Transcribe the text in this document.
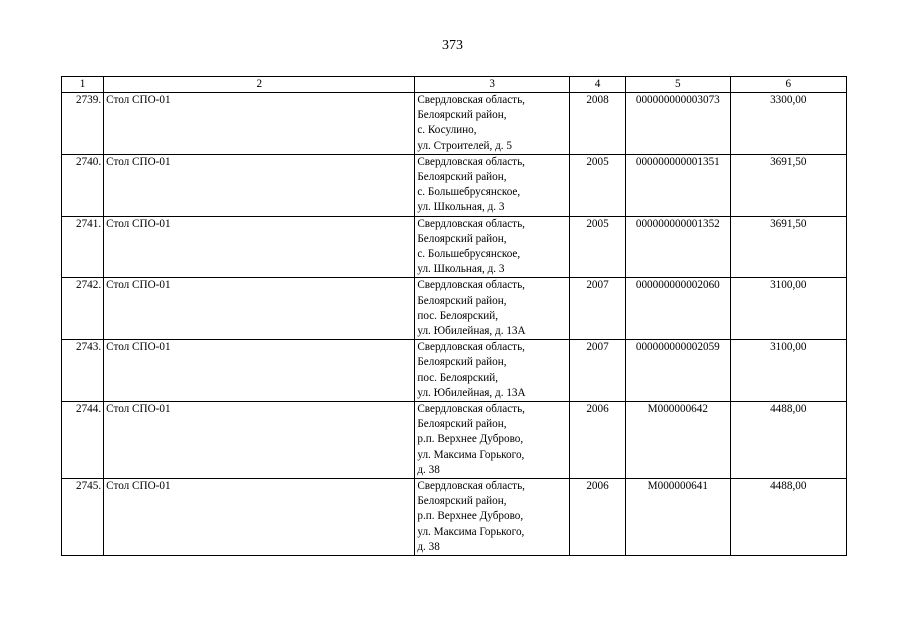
373
1	2	3	4	5	6
2739.	Стол СПО-01	Свердловская область,
Белоярский район,
с. Косулино,
ул. Строителей, д. 5	2008	000000000003073	3300,00
2740.	Стол СПО-01	Свердловская область,
Белоярский район,
с. Большебрусянское,
ул. Школьная, д. 3	2005	000000000001351	3691,50
2741.	Стол СПО-01	Свердловская область,
Белоярский район,
с. Большебрусянское,
ул. Школьная, д. 3	2005	000000000001352	3691,50
2742.	Стол СПО-01	Свердловская область,
Белоярский район,
пос. Белоярский,
ул. Юбилейная, д. 13А	2007	000000000002060	3100,00
2743.	Стол СПО-01	Свердловская область,
Белоярский район,
пос. Белоярский,
ул. Юбилейная, д. 13А	2007	000000000002059	3100,00
2744.	Стол СПО-01	Свердловская область,
Белоярский район,
р.п. Верхнее Дуброво,
ул. Максима Горького,
д. 38	2006	М000000642	4488,00
2745.	Стол СПО-01	Свердловская область,
Белоярский район,
р.п. Верхнее Дуброво,
ул. Максима Горького,
д. 38	2006	М000000641	4488,00
